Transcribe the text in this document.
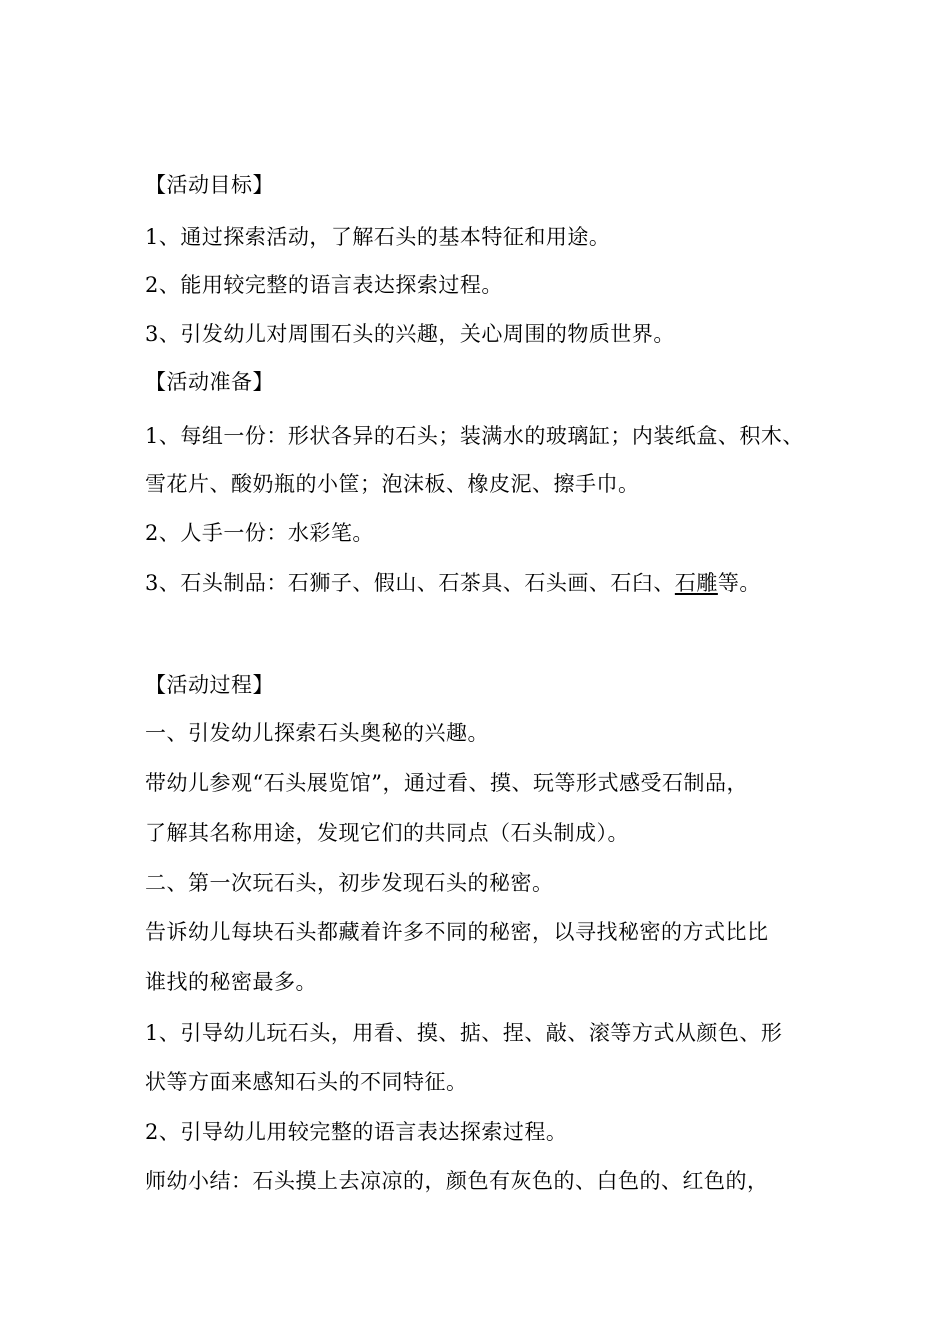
【活动目标】
1、通过探索活动，了解石头的基本特征和用途。
2、能用较完整的语言表达探索过程。
3、引发幼儿对周围石头的兴趣，关心周围的物质世界。
【活动准备】
1、每组一份：形状各异的石头；装满水的玻璃缸；内装纸盒、积木、
雪花片、酸奶瓶的小筐；泡沫板、橡皮泥、擦手巾。
2、人手一份：水彩笔。
3、石头制品：石狮子、假山、石茶具、石头画、石臼、石雕等。
【活动过程】
一、引发幼儿探索石头奥秘的兴趣。
带幼儿参观“石头展览馆”，通过看、摸、玩等形式感受石制品，
了解其名称用途，发现它们的共同点（石头制成）。
二、第一次玩石头，初步发现石头的秘密。
告诉幼儿每块石头都藏着许多不同的秘密，以寻找秘密的方式比比
谁找的秘密最多。
1、引导幼儿玩石头，用看、摸、掂、捏、敲、滚等方式从颜色、形
状等方面来感知石头的不同特征。
2、引导幼儿用较完整的语言表达探索过程。
师幼小结：石头摸上去凉凉的，颜色有灰色的、白色的、红色的，
